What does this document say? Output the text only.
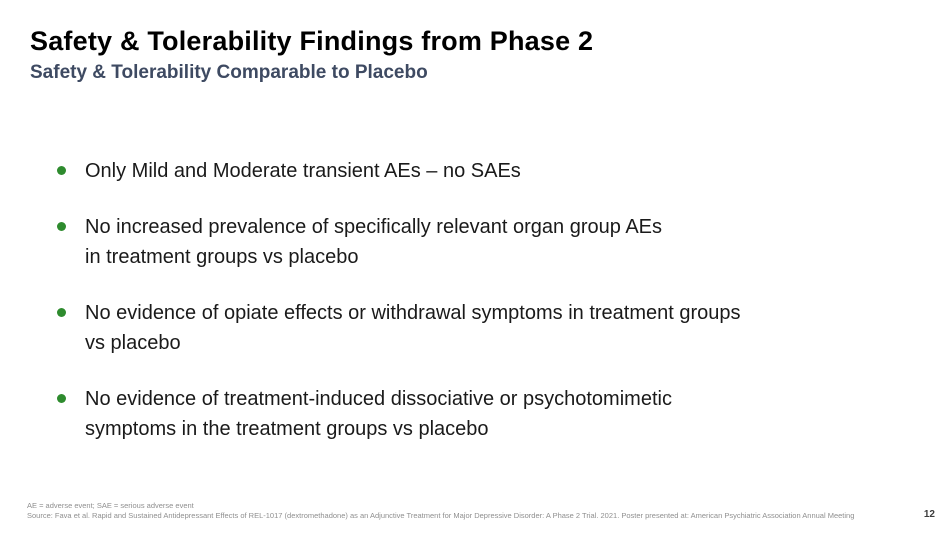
Safety & Tolerability Findings from Phase 2
Safety & Tolerability Comparable to Placebo
Only Mild and Moderate transient AEs – no SAEs
No increased prevalence of specifically relevant organ group AEs
in treatment groups vs placebo
No evidence of opiate effects or withdrawal symptoms in treatment groups
vs placebo
No evidence of treatment-induced dissociative or psychotomimetic
symptoms in the treatment groups vs placebo
AE = adverse event; SAE = serious adverse event
Source: Fava et al. Rapid and Sustained Antidepressant Effects of REL-1017 (dextromethadone) as an Adjunctive Treatment for Major Depressive Disorder: A Phase 2 Trial. 2021. Poster presented at: American Psychiatric Association Annual Meeting	12
